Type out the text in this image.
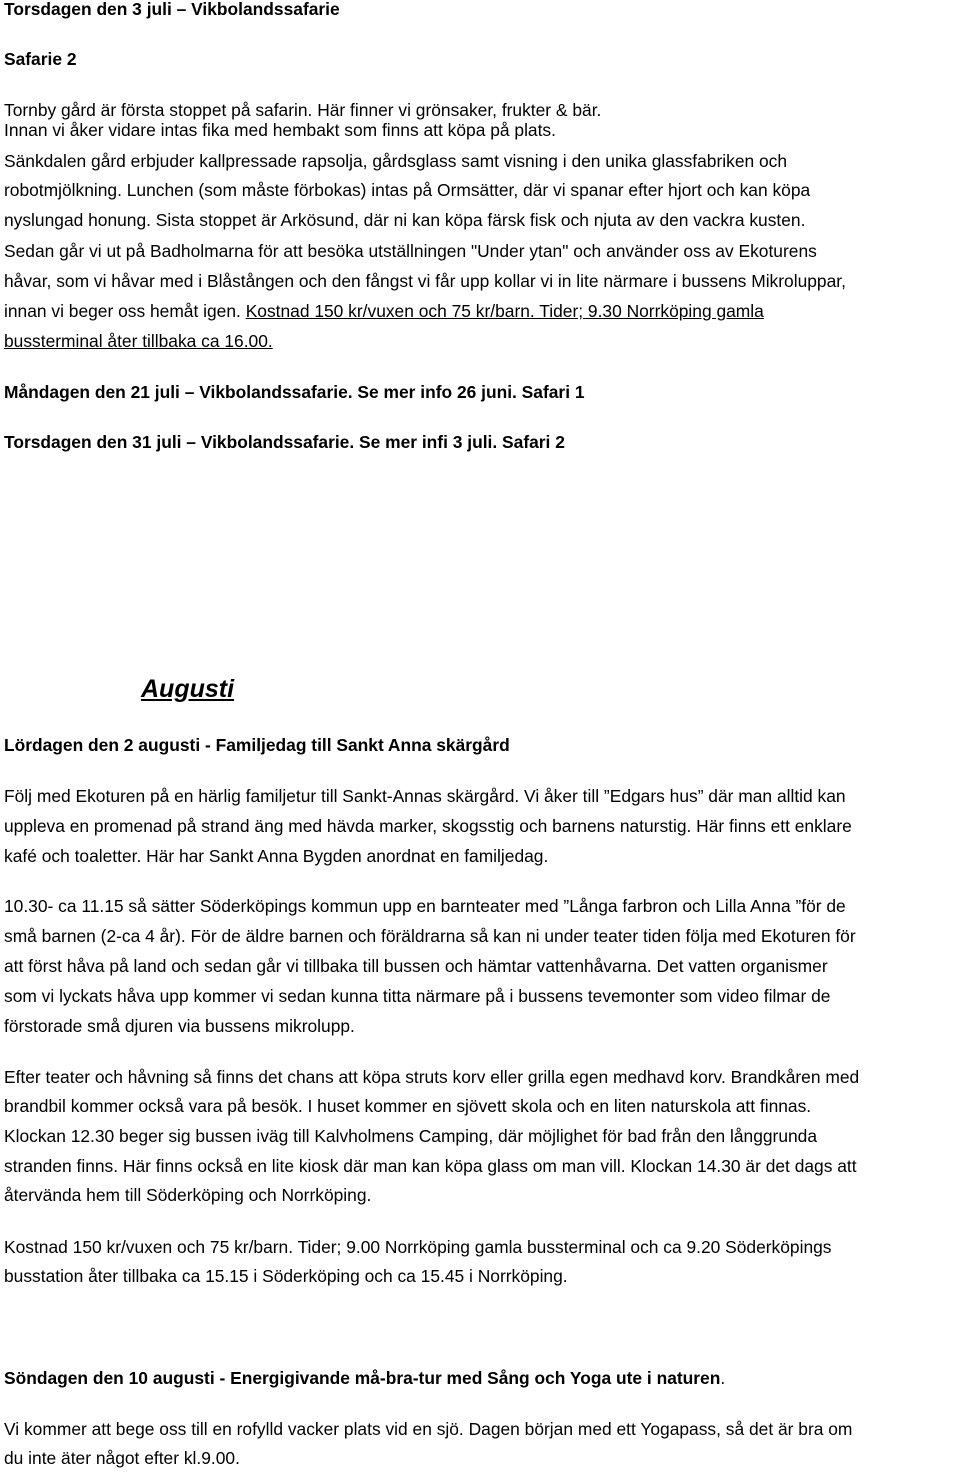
Torsdagen den 3 juli – Vikbolandssafarie
Safarie 2
Tornby gård är första stoppet på safarin. Här finner vi grönsaker, frukter & bär.
Innan vi åker vidare intas fika med hembakt som finns att köpa på plats.
Sänkdalen gård erbjuder kallpressade rapsolja, gårdsglass samt visning i den unika glassfabriken och
robotmjölkning. Lunchen (som måste förbokas) intas på Ormsätter, där vi spanar efter hjort och kan köpa
nyslungad honung. Sista stoppet är Arkösund, där ni kan köpa färsk fisk och njuta av den vackra kusten.
Sedan går vi ut på Badholmarna för att besöka utställningen "Under ytan" och använder oss av Ekoturens
håvar, som vi håvar med i Blåstången och den fångst vi får upp kollar vi in lite närmare i bussens Mikroluppar,
innan vi beger oss hemåt igen. Kostnad 150 kr/vuxen och 75 kr/barn. Tider; 9.30 Norrköping gamla
bussterminal åter tillbaka ca 16.00.
Måndagen den 21 juli – Vikbolandssafarie. Se mer info 26 juni. Safari 1
Torsdagen den 31 juli – Vikbolandssafarie. Se mer infi 3 juli. Safari 2
Augusti
Lördagen den 2 augusti - Familjedag till Sankt Anna skärgård
Följ med Ekoturen på en härlig familjetur till Sankt-Annas skärgård. Vi åker till ”Edgars hus” där man alltid kan
uppleva en promenad på strand äng med hävda marker, skogsstig och barnens naturstig. Här finns ett enklare
kafé och toaletter. Här har Sankt Anna Bygden anordnat en familjedag.
10.30- ca 11.15 så sätter Söderköpings kommun upp en barnteater med ”Långa farbron och Lilla Anna ”för de
små barnen (2-ca 4 år). För de äldre barnen och föräldrarna så kan ni under teater tiden följa med Ekoturen för
att först håva på land och sedan går vi tillbaka till bussen och hämtar vattenhåvarna. Det vatten organismer
som vi lyckats håva upp kommer vi sedan kunna titta närmare på i bussens tevemonter som video filmar de
förstorade små djuren via bussens mikrolupp.
Efter teater och håvning så finns det chans att köpa struts korv eller grilla egen medhavd korv. Brandkåren med
brandbil kommer också vara på besök. I huset kommer en sjövett skola och en liten naturskola att finnas.
Klockan 12.30 beger sig bussen iväg till Kalvholmens Camping, där möjlighet för bad från den långgrunda
stranden finns. Här finns också en lite kiosk där man kan köpa glass om man vill. Klockan 14.30 är det dags att
återvända hem till Söderköping och Norrköping.
Kostnad 150 kr/vuxen och 75 kr/barn. Tider; 9.00 Norrköping gamla bussterminal och ca 9.20 Söderköpings
busstation åter tillbaka ca 15.15 i Söderköping och ca 15.45 i Norrköping.
Söndagen den 10 augusti - Energigivande må-bra-tur med Sång och Yoga ute i naturen.
Vi kommer att bege oss till en rofylld vacker plats vid en sjö. Dagen början med ett Yogapass, så det är bra om
du inte äter något efter kl.9.00.
